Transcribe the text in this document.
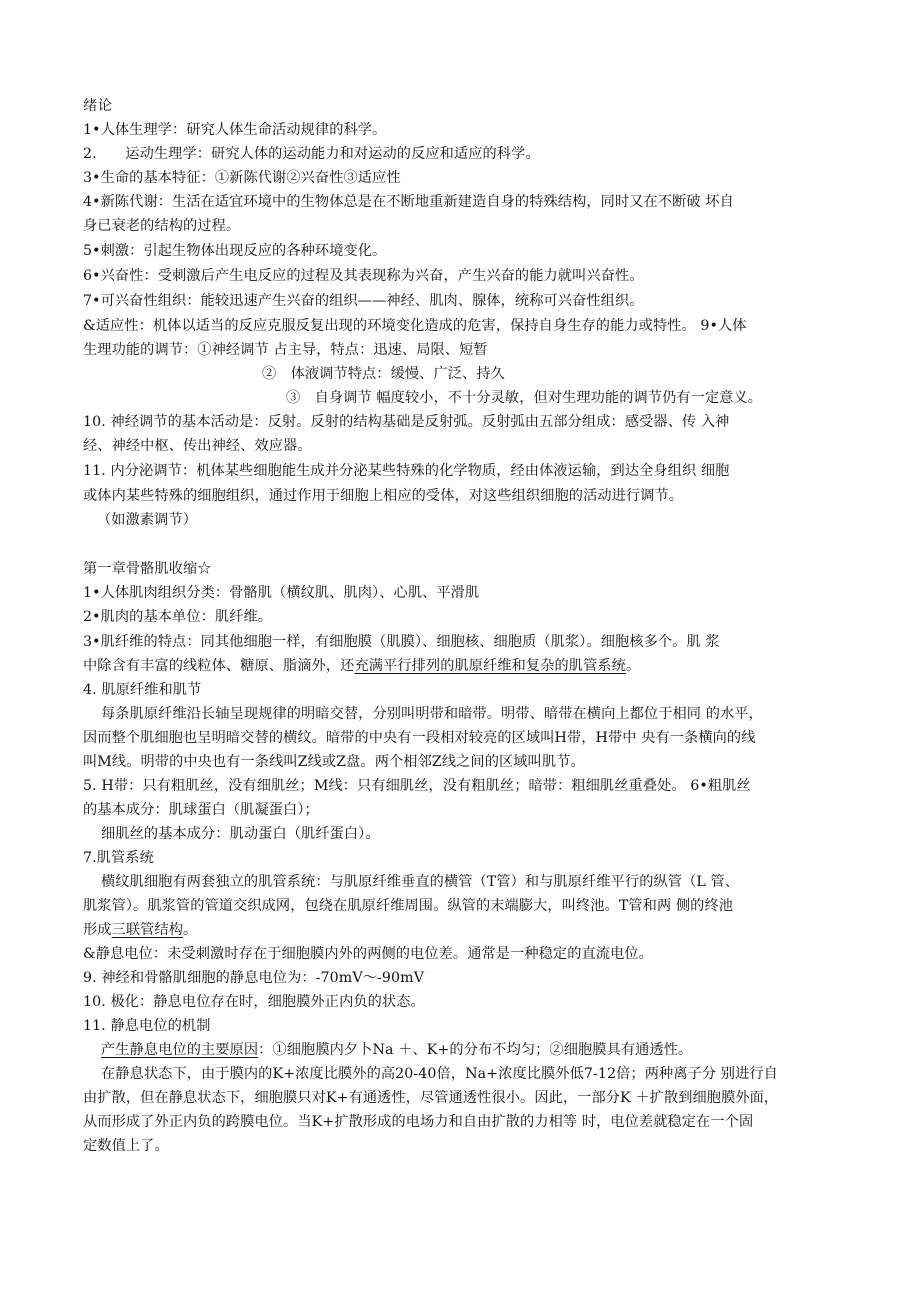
绪论
1•人体生理学：研究人体生命活动规律的科学。
2.　　运动生理学：研究人体的运动能力和对运动的反应和适应的科学。
3•生命的基本特征：①新陈代谢②兴奋性③适应性
4•新陈代谢：生活在适宜环境中的生物体总是在不断地重新建造自身的特殊结构，同时又在不断破 坏自
身已衰老的结构的过程。
5•刺激：引起生物体出现反应的各种环境变化。
6•兴奋性：受刺激后产生电反应的过程及其表现称为兴奋，产生兴奋的能力就叫兴奋性。
7•可兴奋性组织：能较迅速产生兴奋的组织——神经、肌肉、腺体，统称可兴奋性组织。
&适应性：机体以适当的反应克服反复出现的环境变化造成的危害，保持自身生存的能力或特性。 9•人体
生理功能的调节：①神经调节 占主导，特点：迅速、局限、短暂
②　体液调节特点：缓慢、广泛、持久
③　自身调节 幅度较小，不十分灵敏，但对生理功能的调节仍有一定意义。
10. 神经调节的基本活动是：反射。反射的结构基础是反射弧。反射弧由五部分组成：感受器、传 入神
经、神经中枢、传出神经、效应器。
11. 内分泌调节：机体某些细胞能生成并分泌某些特殊的化学物质，经由体液运输，到达全身组织 细胞
或体内某些特殊的细胞组织，通过作用于细胞上相应的受体，对这些组织细胞的活动进行调节。
（如激素调节）
第一章骨骼肌收缩☆
1•人体肌肉组织分类：骨骼肌（横纹肌、肌肉）、心肌、平滑肌
2•肌肉的基本单位：肌纤维。
3•肌纤维的特点：同其他细胞一样，有细胞膜（肌膜）、细胞核、细胞质（肌浆）。细胞核多个。肌 浆
中除含有丰富的线粒体、糖原、脂滴外，还充满平行排列的肌原纤维和复杂的肌管系统。
4. 肌原纤维和肌节
每条肌原纤维沿长轴呈现规律的明暗交替，分别叫明带和暗带。明带、暗带在横向上都位于相同 的水平，
因而整个肌细胞也呈明暗交替的横纹。暗带的中央有一段相对较亮的区域叫H带，H带中 央有一条横向的线
叫M线。明带的中央也有一条线叫Z线或Z盘。两个相邻Z线之间的区域叫肌节。
5. H带：只有粗肌丝，没有细肌丝；M线：只有细肌丝，没有粗肌丝；暗带：粗细肌丝重叠处。 6•粗肌丝
的基本成分：肌球蛋白（肌凝蛋白）；
细肌丝的基本成分：肌动蛋白（肌纤蛋白）。
7.肌管系统
横纹肌细胞有两套独立的肌管系统：与肌原纤维垂直的横管（T管）和与肌原纤维平行的纵管（L 管、
肌浆管）。肌浆管的管道交织成网，包绕在肌原纤维周围。纵管的末端膨大，叫终池。T管和两 侧的终池
形成三联管结构。
&静息电位：未受刺激时存在于细胞膜内外的两侧的电位差。通常是一种稳定的直流电位。
9. 神经和骨骼肌细胞的静息电位为：-70mV〜-90mV
10. 极化：静息电位存在时，细胞膜外正内负的状态。
11. 静息电位的机制
产生静息电位的主要原因：①细胞膜内夕卜Na ＋、K+的分布不均匀；②细胞膜具有通透性。
在静息状态下，由于膜内的K+浓度比膜外的高20-40倍，Na+浓度比膜外低7-12倍；两种离子分 别进行自
由扩散，但在静息状态下，细胞膜只对K+有通透性，尽管通透性很小。因此，一部分K ＋扩散到细胞膜外面，
从而形成了外正内负的跨膜电位。当K+扩散形成的电场力和自由扩散的力相等 时，电位差就稳定在一个固
定数值上了。
